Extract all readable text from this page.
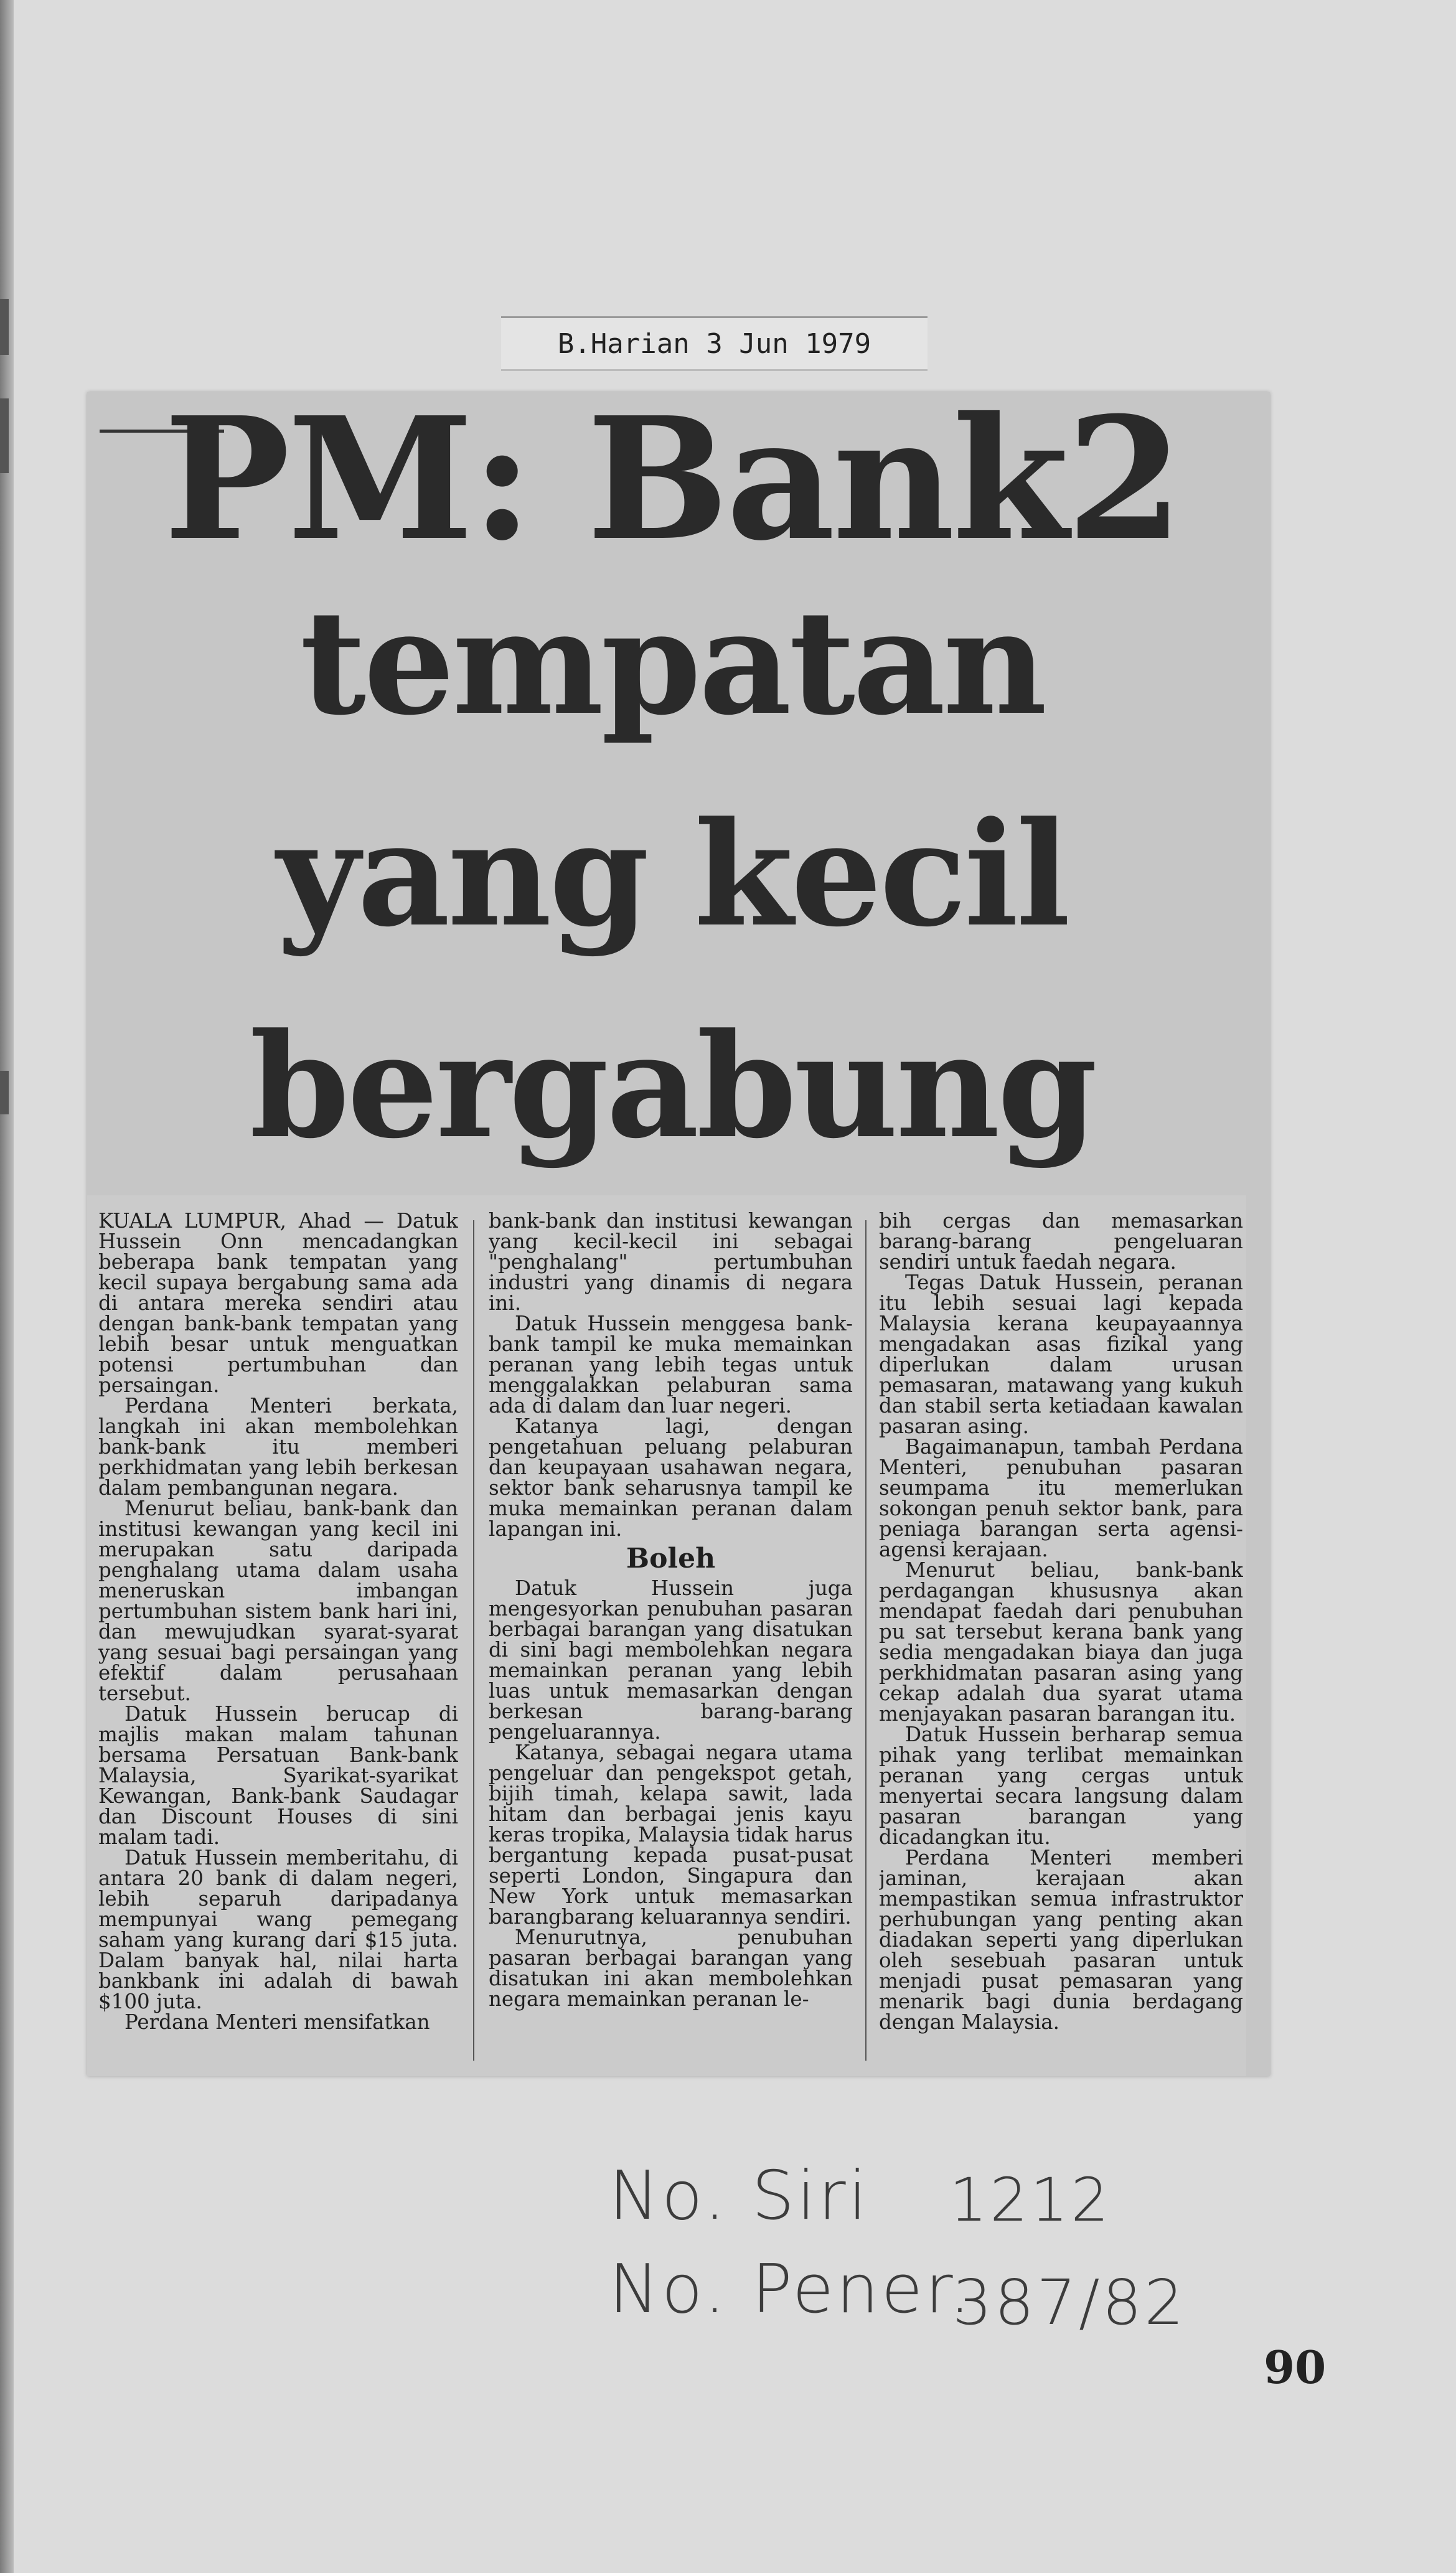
B.Harian 3 Jun 1979
PM: Bank2
tempatan
yang kecil
bergabung

KUALA LUMPUR, Ahad — Datuk Hussein Onn mencadangkan beberapa bank tempatan yang kecil supaya bergabung sama ada di antara mereka sendiri atau dengan bank-bank tempatan yang lebih besar untuk menguatkan potensi pertumbuhan dan persaingan.

Perdana Menteri berkata, langkah ini akan membolehkan bank-bank itu memberi perkhidmatan yang lebih berkesan dalam pembangunan negara.

Menurut beliau, bank-bank dan institusi kewangan yang kecil ini merupakan satu daripada penghalang utama dalam usaha meneruskan imbangan pertumbuhan sistem bank hari ini, dan mewujudkan syarat-syarat yang sesuai bagi persaingan yang efektif dalam perusahaan tersebut.

Datuk Hussein berucap di majlis makan malam tahunan bersama Persatuan Bank-bank Malaysia, Syarikat-syarikat Kewangan, Bank-bank Saudagar dan Discount Houses di sini malam tadi.

Datuk Hussein memberitahu, di antara 20 bank di dalam negeri, lebih separuh daripadanya mempunyai wang pemegang saham yang kurang dari $15 juta. Dalam banyak hal, nilai harta bankbank ini adalah di bawah $100 juta.

Perdana Menteri mensifatkan

bank-bank dan institusi kewangan yang kecil-kecil ini sebagai "penghalang" pertumbuhan industri yang dinamis di negara ini.

Datuk Hussein menggesa bank-bank tampil ke muka memainkan peranan yang lebih tegas untuk menggalakkan pelaburan sama ada di dalam dan luar negeri.

Katanya lagi, dengan pengetahuan peluang pelaburan dan keupayaan usahawan negara, sektor bank seharusnya tampil ke muka memainkan peranan dalam lapangan ini.

Boleh

Datuk Hussein juga mengesyorkan penubuhan pasaran berbagai barangan yang disatukan di sini bagi membolehkan negara memainkan peranan yang lebih luas untuk memasarkan dengan berkesan barang-barang pengeluarannya.

Katanya, sebagai negara utama pengeluar dan pengekspot getah, bijih timah, kelapa sawit, lada hitam dan berbagai jenis kayu keras tropika, Malaysia tidak harus bergantung kepada pusat-pusat seperti London, Singapura dan New York untuk memasarkan barangbarang keluarannya sendiri.

Menurutnya, penubuhan pasaran berbagai barangan yang disatukan ini akan membolehkan negara memainkan peranan le-

bih cergas dan memasarkan barang-barang pengeluaran sendiri untuk faedah negara.

Tegas Datuk Hussein, peranan itu lebih sesuai lagi kepada Malaysia kerana keupayaannya mengadakan asas fizikal yang diperlukan dalam urusan pemasaran, matawang yang kukuh dan stabil serta ketiadaan kawalan pasaran asing.

Bagaimanapun, tambah Perdana Menteri, penubuhan pasaran seumpama itu memerlukan sokongan penuh sektor bank, para peniaga barangan serta agensi-agensi kerajaan.

Menurut beliau, bank-bank perdagangan khususnya akan mendapat faedah dari penubuhan pu sat tersebut kerana bank yang sedia mengadakan biaya dan juga perkhidmatan pasaran asing yang cekap adalah dua syarat utama menjayakan pasaran barangan itu.

Datuk Hussein berharap semua pihak yang terlibat memainkan peranan yang cergas untuk menyertai secara langsung dalam pasaran barangan yang dicadangkan itu.

Perdana Menteri memberi jaminan, kerajaan akan mempastikan semua infrastruktor perhubungan yang penting akan diadakan seperti yang diperlukan oleh sesebuah pasaran untuk menjadi pusat pemasaran yang menarik bagi dunia berdagang dengan Malaysia.

No. Siri 1212
No. Pener.
387/82
90
